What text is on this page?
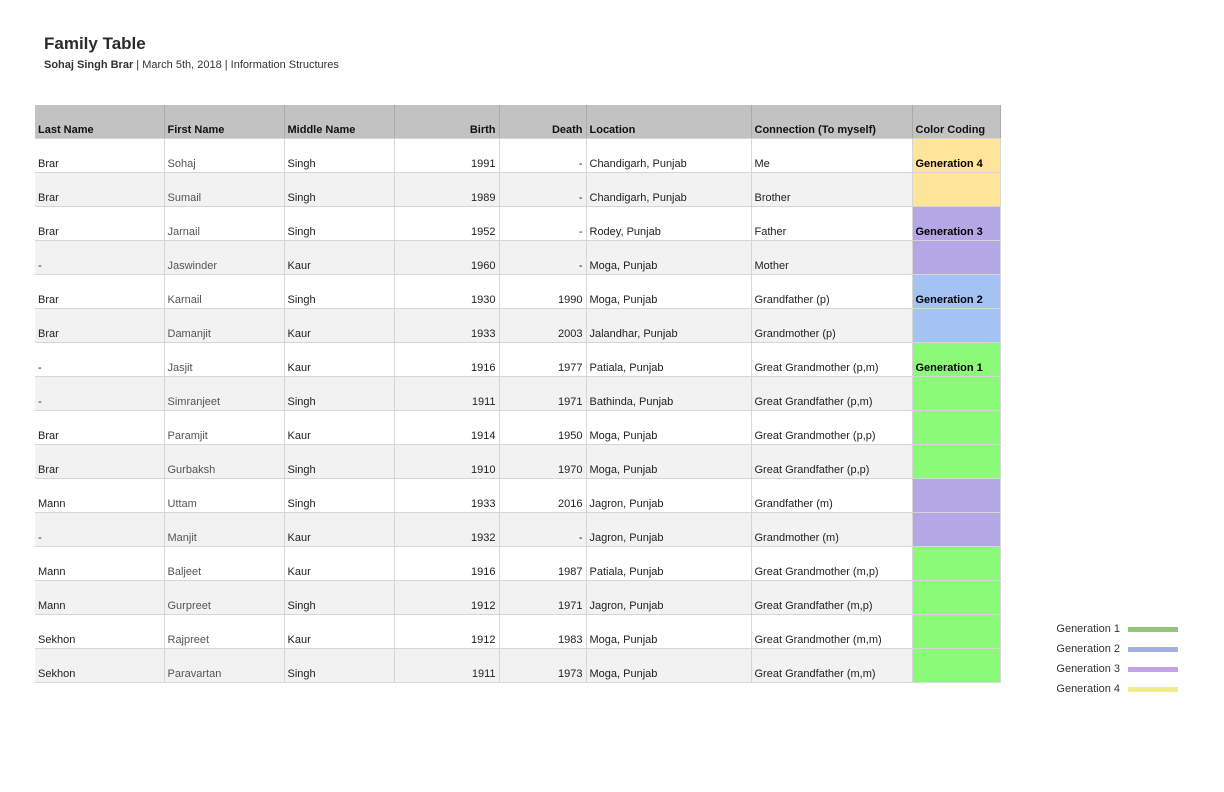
Family Table
Sohaj Singh Brar | March 5th, 2018 | Information Structures
Last Name	First Name	Middle Name	Birth	Death	Location	Connection (To myself)	Color Coding
Brar	Sohaj	Singh	1991	-	Chandigarh, Punjab	Me	Generation 4
Brar	Sumail	Singh	1989	-	Chandigarh, Punjab	Brother	
Brar	Jarnail	Singh	1952	-	Rodey, Punjab	Father	Generation 3
-	Jaswinder	Kaur	1960	-	Moga, Punjab	Mother	
Brar	Karnail	Singh	1930	1990	Moga, Punjab	Grandfather (p)	Generation 2
Brar	Damanjit	Kaur	1933	2003	Jalandhar, Punjab	Grandmother (p)	
-	Jasjit	Kaur	1916	1977	Patiala, Punjab	Great Grandmother (p,m)	Generation 1
-	Simranjeet	Singh	1911	1971	Bathinda, Punjab	Great Grandfather (p,m)	
Brar	Paramjit	Kaur	1914	1950	Moga, Punjab	Great Grandmother (p,p)	
Brar	Gurbaksh	Singh	1910	1970	Moga, Punjab	Great Grandfather (p,p)	
Mann	Uttam	Singh	1933	2016	Jagron, Punjab	Grandfather (m)	
-	Manjit	Kaur	1932	-	Jagron, Punjab	Grandmother (m)	
Mann	Baljeet	Kaur	1916	1987	Patiala, Punjab	Great Grandmother (m,p)	
Mann	Gurpreet	Singh	1912	1971	Jagron, Punjab	Great Grandfather (m,p)	
Sekhon	Rajpreet	Kaur	1912	1983	Moga, Punjab	Great Grandmother (m,m)	
Sekhon	Paravartan	Singh	1911	1973	Moga, Punjab	Great Grandfather (m,m)	
Generation 1
Generation 2
Generation 3
Generation 4
